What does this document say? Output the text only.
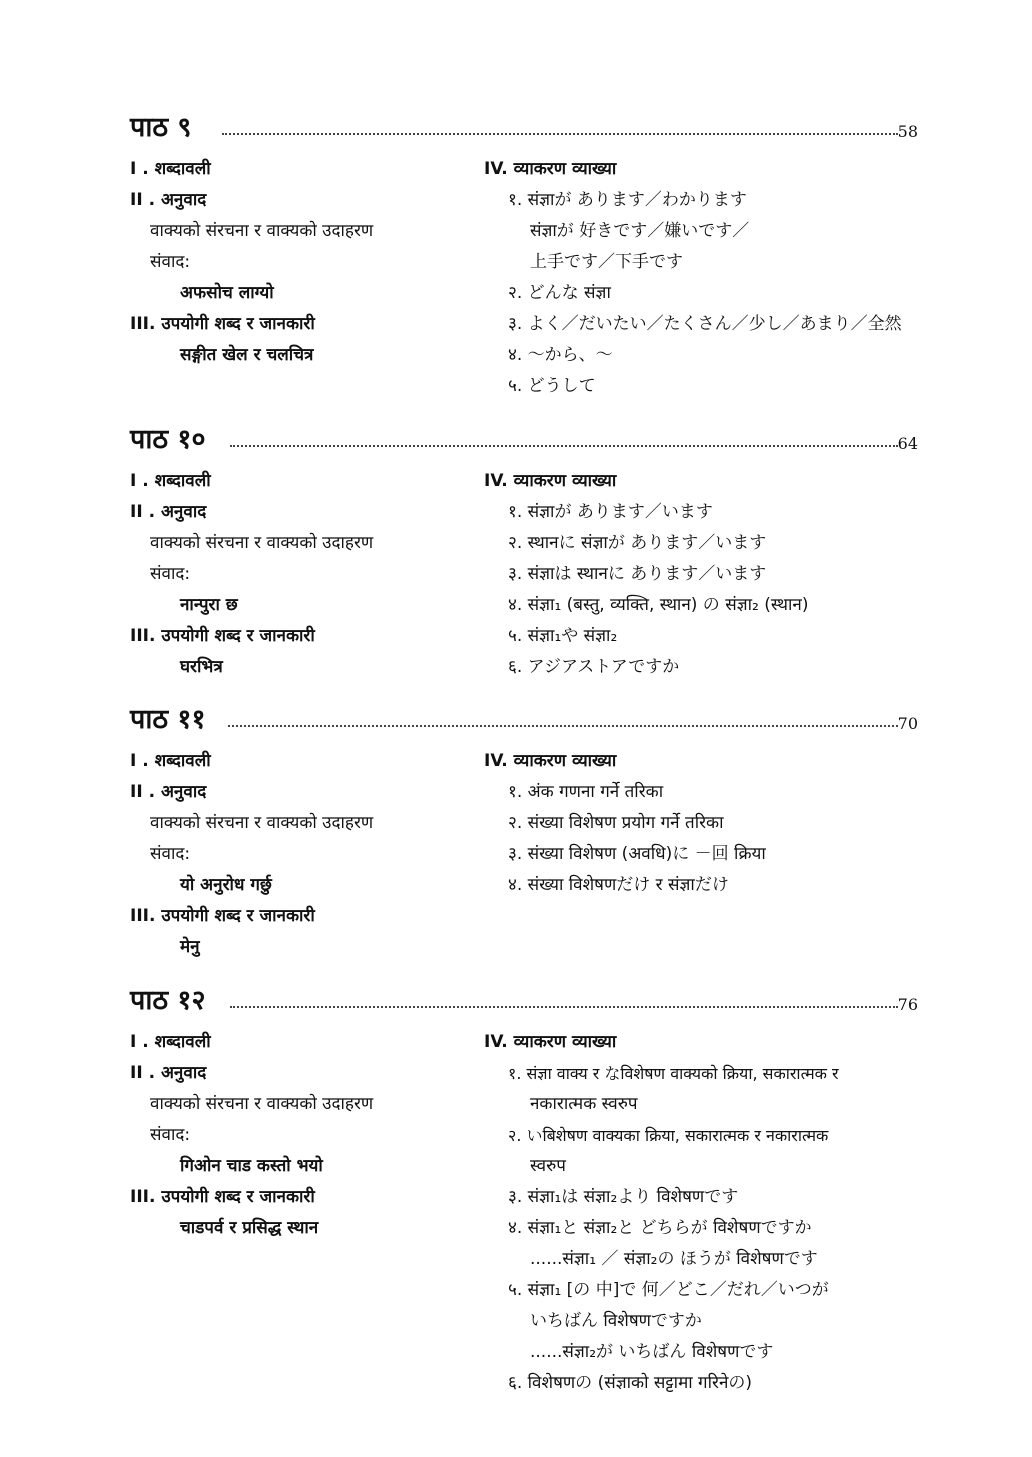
पाठ ९	58
I . शब्दावली
II . अनुवाद
वाक्यको संरचना र वाक्यको उदाहरण
संवाद:
अफसोच लाग्यो
III. उपयोगी शब्द र जानकारी
सङ्गीत खेल र चलचित्र
IV. व्याकरण व्याख्या
१. संज्ञाが あります／わかります
संज्ञाが 好きです／嫌いです／
上手です／下手です
२. どんな संज्ञा
३. よく／だいたい／たくさん／少し／あまり／全然
४. ～から、～
५. どうして
पाठ १०	64
I . शब्दावली
II . अनुवाद
वाक्यको संरचना र वाक्यको उदाहरण
संवाद:
नान्पुरा छ
III. उपयोगी शब्द र जानकारी
घरभित्र
IV. व्याकरण व्याख्या
१. संज्ञाが あります／います
२. स्थानに संज्ञाが あります／います
३. संज्ञाは स्थानに あります／います
४. संज्ञा₁ (बस्तु, व्यक्ति, स्थान) の संज्ञा₂ (स्थान)
५. संज्ञा₁や संज्ञा₂
६. アジアストアですか
पाठ ११	70
I . शब्दावली
II . अनुवाद
वाक्यको संरचना र वाक्यको उदाहरण
संवाद:
यो अनुरोध गर्छु
III. उपयोगी शब्द र जानकारी
मेनु
IV. व्याकरण व्याख्या
१. अंक गणना गर्ने तरिका
२. संख्या विशेषण प्रयोग गर्ने तरिका
३. संख्या विशेषण (अवधि)に －回 क्रिया
४. संख्या विशेषणだけ र संज्ञाだけ
पाठ १२	76
I . शब्दावली
II . अनुवाद
वाक्यको संरचना र वाक्यको उदाहरण
संवाद:
गिओन चाड कस्तो भयो
III. उपयोगी शब्द र जानकारी
चाडपर्व र प्रसिद्ध स्थान
IV. व्याकरण व्याख्या
१. संज्ञा वाक्य र なविशेषण वाक्यको क्रिया, सकारात्मक र
नकारात्मक स्वरुप
२. いबिशेषण वाक्यका क्रिया, सकारात्मक र नकारात्मक
स्वरुप
३. संज्ञा₁は संज्ञा₂より विशेषणです
४. संज्ञा₁と संज्ञा₂と どちらが विशेषणですか
......संज्ञा₁ ／ संज्ञा₂の ほうが विशेषणです
५. संज्ञा₁ [の 中]で 何／どこ／だれ／いつが
いちばん विशेषणですか
......संज्ञा₂が いちばん विशेषणです
६. विशेषणの (संज्ञाको सट्टामा गरिनेの)
